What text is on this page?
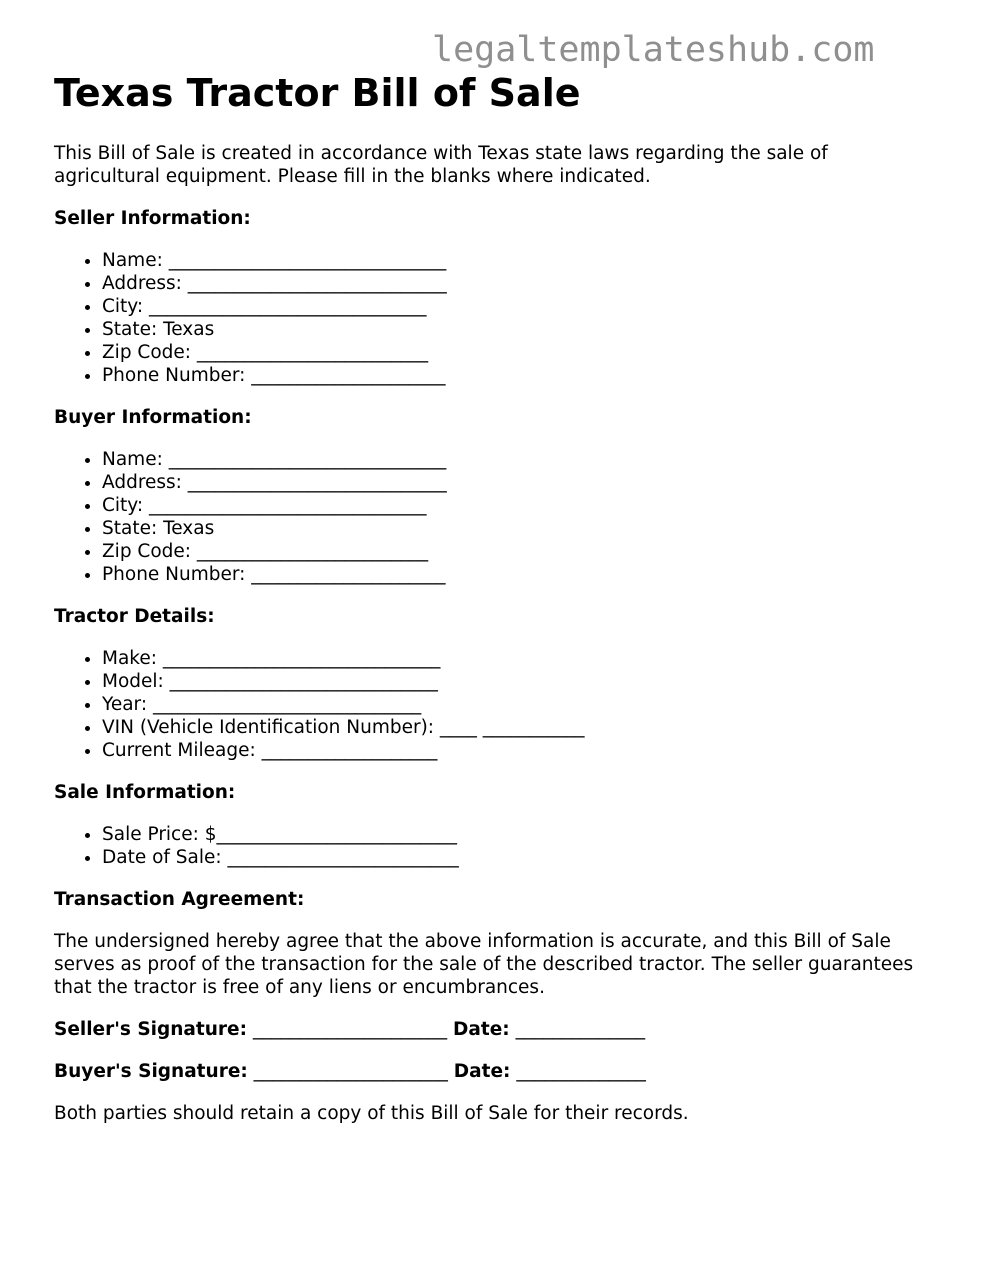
legaltemplateshub.com
Texas Tractor Bill of Sale

This Bill of Sale is created in accordance with Texas state laws regarding the sale of agricultural equipment. Please fill in the blanks where indicated.

Seller Information:
• Name: ______________________________
• Address: ____________________________
• City: ______________________________
• State: Texas
• Zip Code: _________________________
• Phone Number: _____________________
Buyer Information:
• Name: ______________________________
• Address: ____________________________
• City: ______________________________
• State: Texas
• Zip Code: _________________________
• Phone Number: _____________________
Tractor Details:
• Make: ______________________________
• Model: _____________________________
• Year: _____________________________
• VIN (Vehicle Identification Number): ____ ___________
• Current Mileage: ___________________
Sale Information:
• Sale Price: $__________________________
• Date of Sale: _________________________
Transaction Agreement:

The undersigned hereby agree that the above information is accurate, and this Bill of Sale serves as proof of the transaction for the sale of the described tractor. The seller guarantees that the tractor is free of any liens or encumbrances.

Seller's Signature: _____________________ Date: ______________
Buyer's Signature: _____________________ Date: ______________

Both parties should retain a copy of this Bill of Sale for their records.
